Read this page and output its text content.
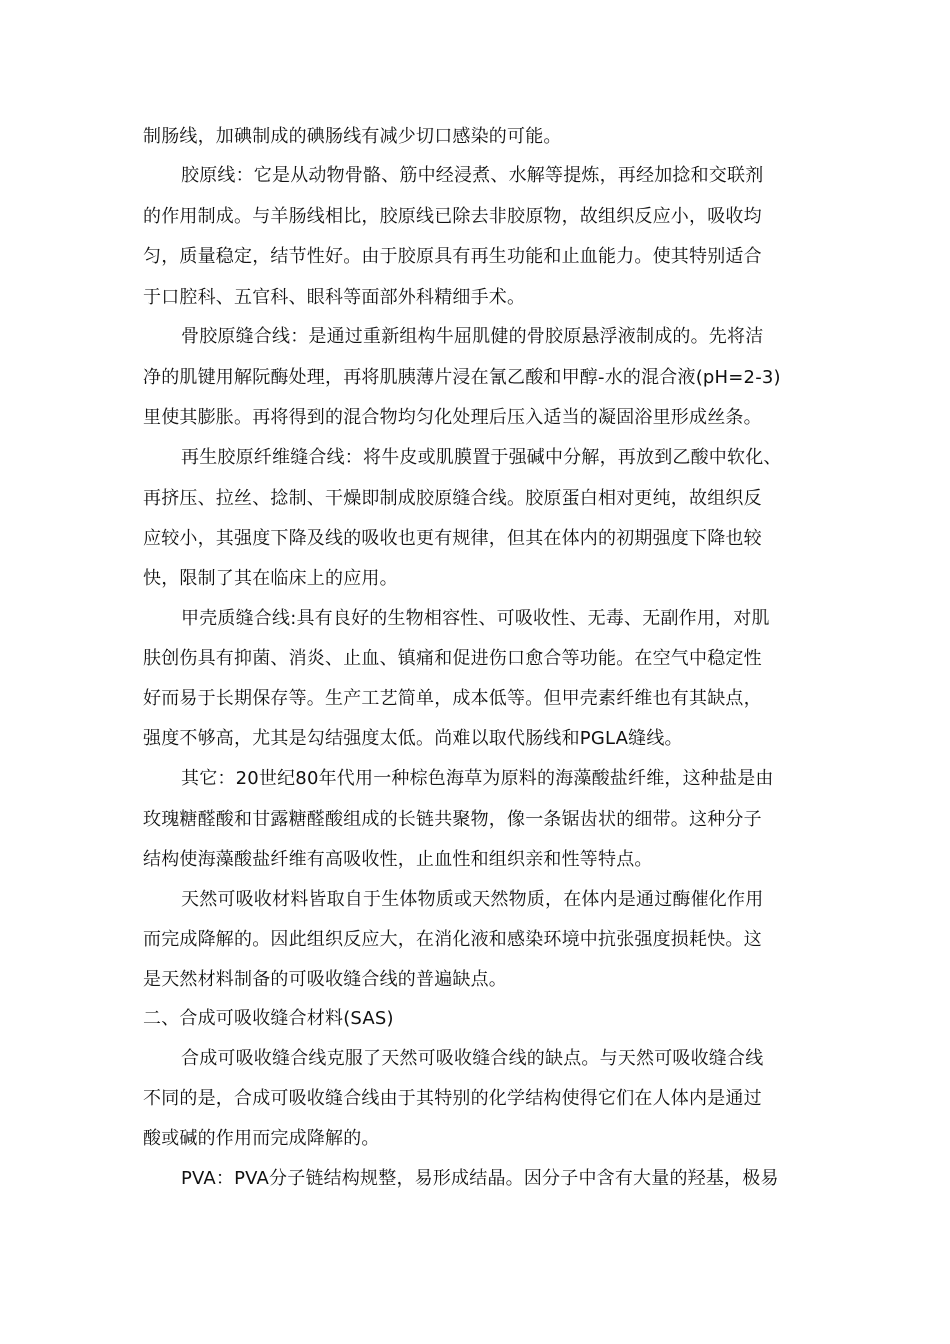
制肠线，加碘制成的碘肠线有减少切口感染的可能。
胶原线：它是从动物骨骼、筋中经浸煮、水解等提炼，再经加捻和交联剂
的作用制成。与羊肠线相比，胶原线已除去非胶原物，故组织反应小，吸收均
匀，质量稳定，结节性好。由于胶原具有再生功能和止血能力。使其特别适合
于口腔科、五官科、眼科等面部外科精细手术。
骨胶原缝合线：是通过重新组构牛屈肌健的骨胶原悬浮液制成的。先将洁
净的肌键用解阮酶处理，再将肌胰薄片浸在氰乙酸和甲醇-水的混合液(pH=2-3)
里使其膨胀。再将得到的混合物均匀化处理后压入适当的凝固浴里形成丝条。
再生胶原纤维缝合线：将牛皮或肌膜置于强碱中分解，再放到乙酸中软化、
再挤压、拉丝、捻制、干燥即制成胶原缝合线。胶原蛋白相对更纯，故组织反
应较小，其强度下降及线的吸收也更有规律，但其在体内的初期强度下降也较
快，限制了其在临床上的应用。
甲壳质缝合线:具有良好的生物相容性、可吸收性、无毒、无副作用，对肌
肤创伤具有抑菌、消炎、止血、镇痛和促进伤口愈合等功能。在空气中稳定性
好而易于长期保存等。生产工艺简单，成本低等。但甲壳素纤维也有其缺点，
强度不够高，尤其是勾结强度太低。尚难以取代肠线和PGLA缝线。
其它：20世纪80年代用一种棕色海草为原料的海藻酸盐纤维，这种盐是由
玫瑰糖醛酸和甘露糖醛酸组成的长链共聚物，像一条锯齿状的细带。这种分子
结构使海藻酸盐纤维有高吸收性，止血性和组织亲和性等特点。
天然可吸收材料皆取自于生体物质或天然物质，在体内是通过酶催化作用
而完成降解的。因此组织反应大，在消化液和感染环境中抗张强度损耗快。这
是天然材料制备的可吸收缝合线的普遍缺点。
二、合成可吸收缝合材料(SAS)
合成可吸收缝合线克服了天然可吸收缝合线的缺点。与天然可吸收缝合线
不同的是，合成可吸收缝合线由于其特别的化学结构使得它们在人体内是通过
酸或碱的作用而完成降解的。
PVA：PVA分子链结构规整，易形成结晶。因分子中含有大量的羟基，极易
